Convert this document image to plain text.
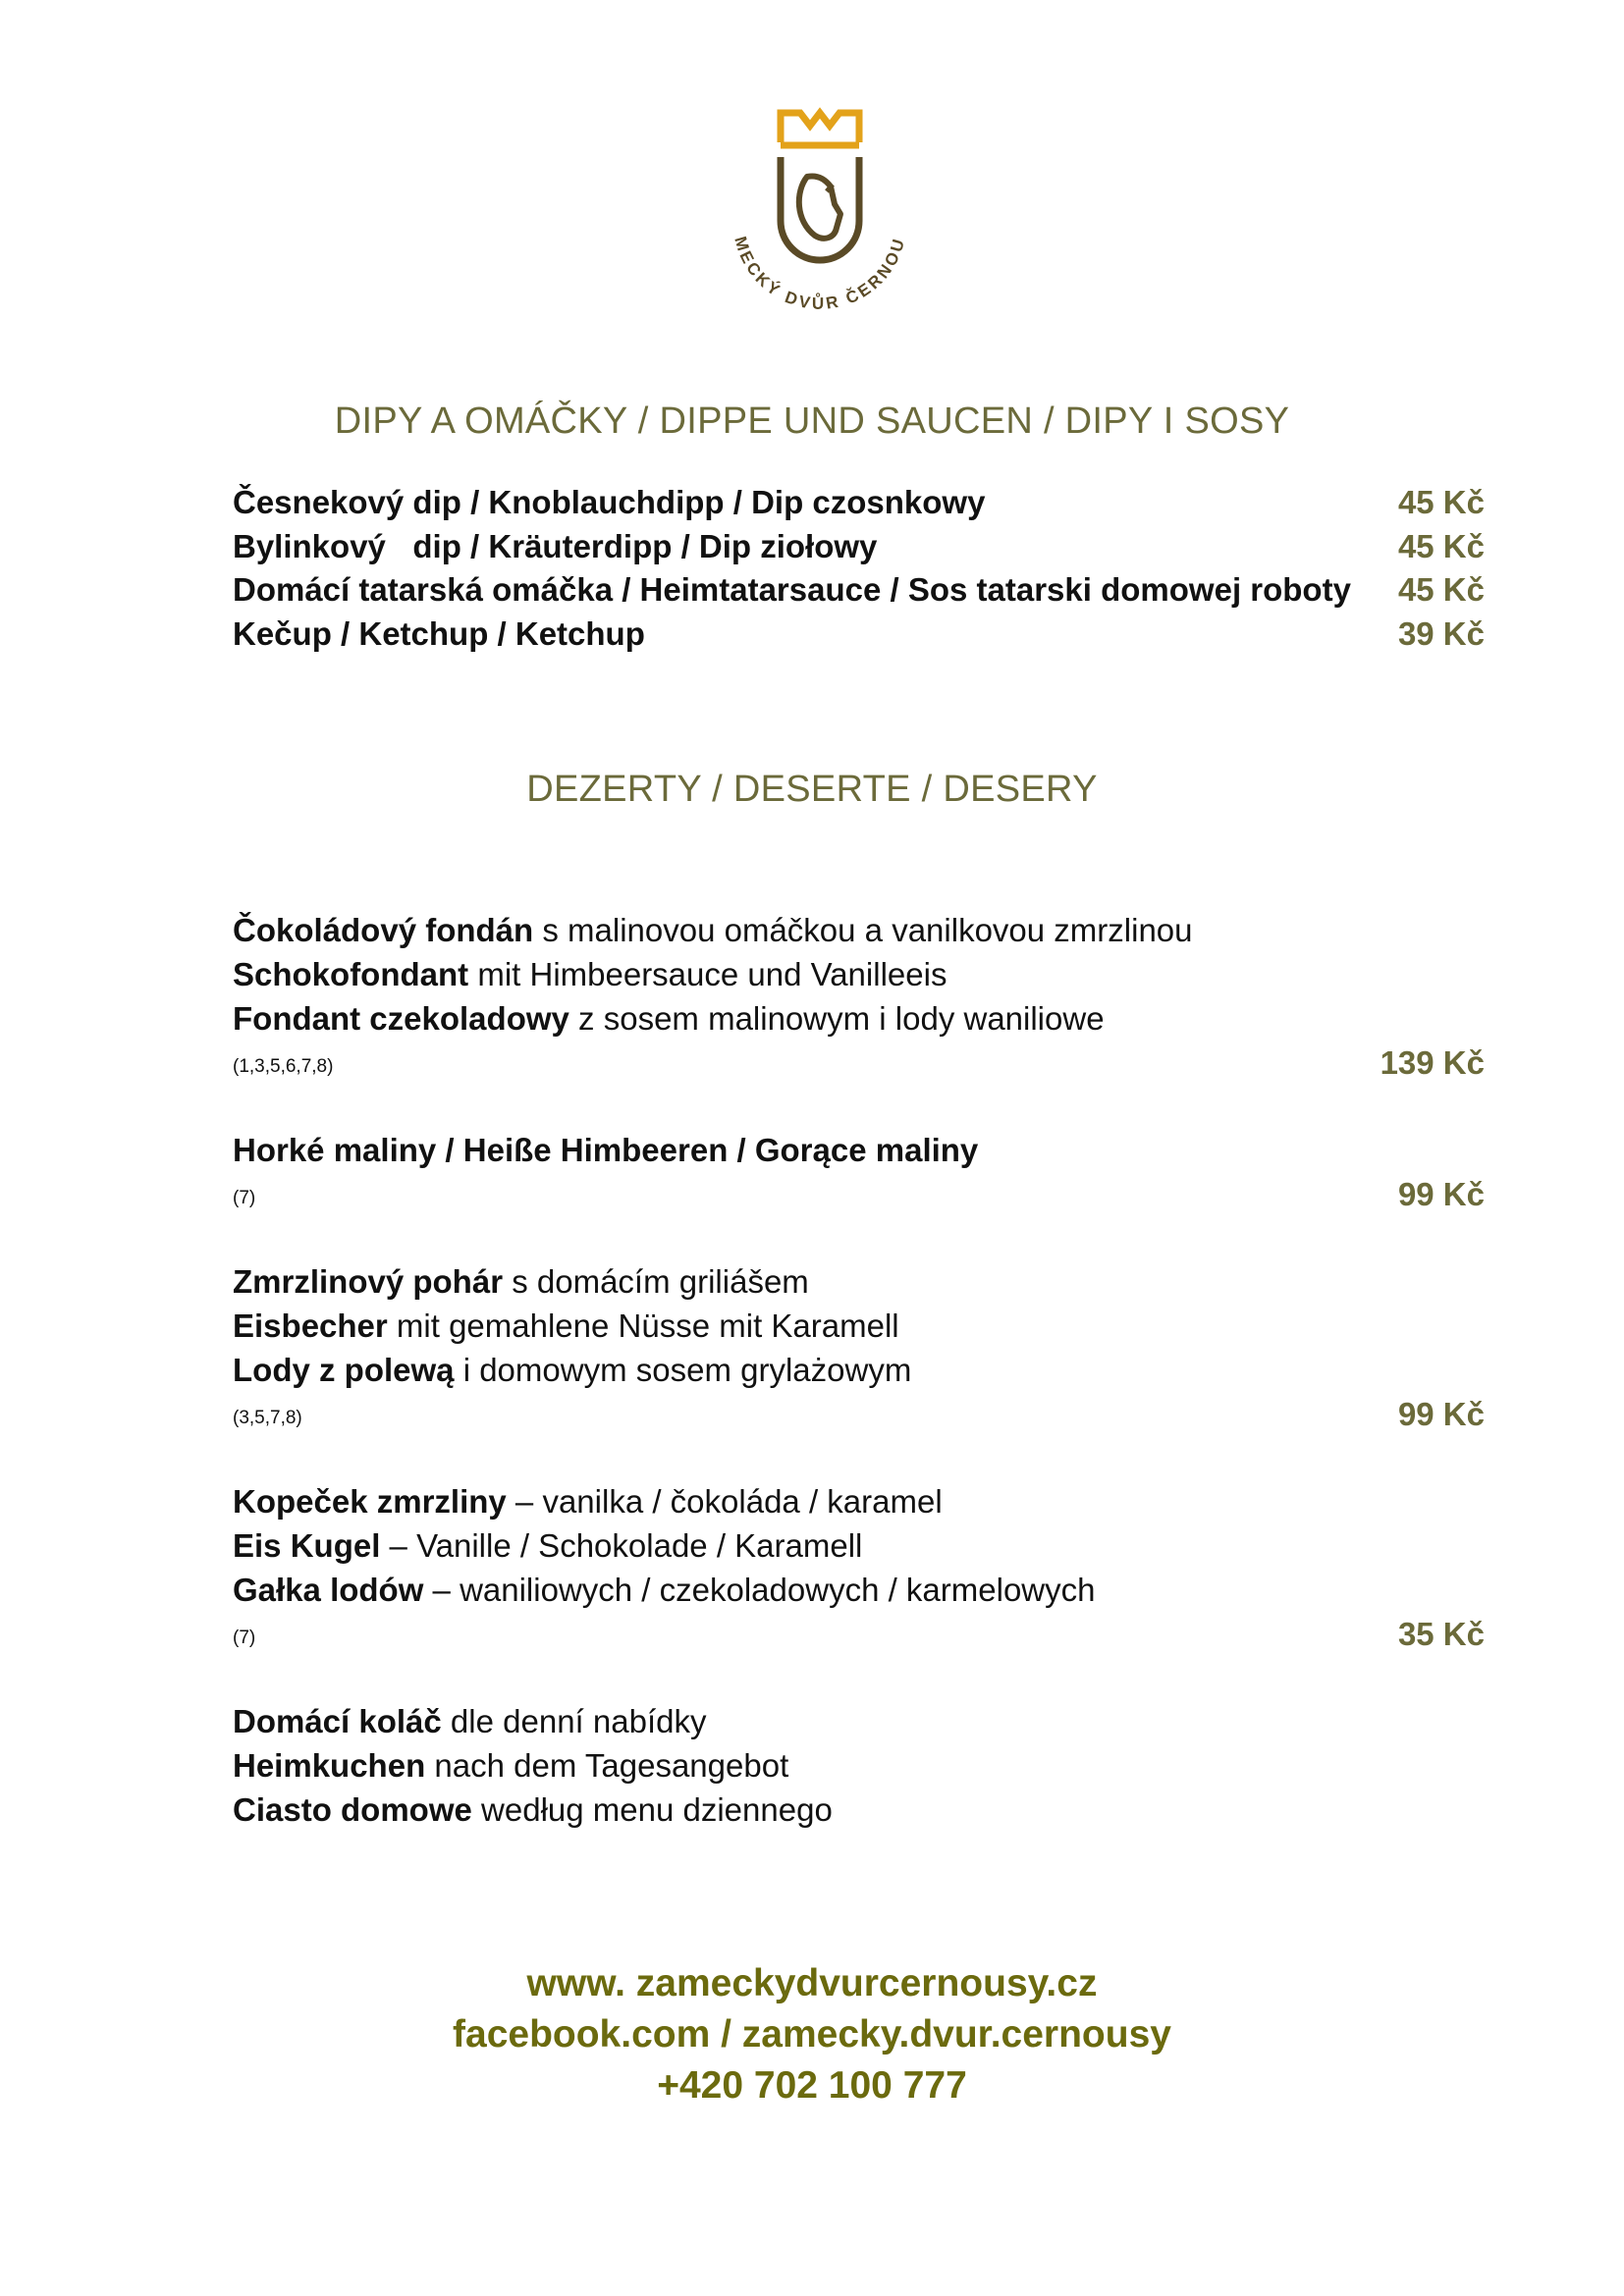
MECKÝ DVŮR ČERNOU
DIPY A OMÁČKY / DIPPE UND SAUCEN / DIPY I SOSY
Česnekový dip / Knoblauchdipp / Dip czosnkowy	45 Kč
Bylinkový   dip / Kräuterdipp / Dip ziołowy	45 Kč
Domácí tatarská omáčka / Heimtatarsauce / Sos tatarski domowej roboty 45 Kč
Kečup / Ketchup / Ketchup	39 Kč
DEZERTY / DESERTE / DESERY
Čokoládový fondán s malinovou omáčkou a vanilkovou zmrzlinou
Schokofondant mit Himbeersauce und Vanilleeis
Fondant czekoladowy z sosem malinowym i lody waniliowe
(1,3,5,6,7,8)	139 Kč
Horké maliny / Heiße Himbeeren / Gorące maliny
(7)	99 Kč
Zmrzlinový pohár s domácím griliášem
Eisbecher mit gemahlene Nüsse mit Karamell
Lody z polewą i domowym sosem grylażowym
(3,5,7,8)	99 Kč
Kopeček zmrzliny – vanilka / čokoláda / karamel
Eis Kugel – Vanille / Schokolade / Karamell
Gałka lodów – waniliowych / czekoladowych / karmelowych
(7)	35 Kč
Domácí koláč dle denní nabídky
Heimkuchen nach dem Tagesangebot
Ciasto domowe według menu dziennego
www. zameckydvurcernousy.cz
facebook.com / zamecky.dvur.cernousy
+420 702 100 777
